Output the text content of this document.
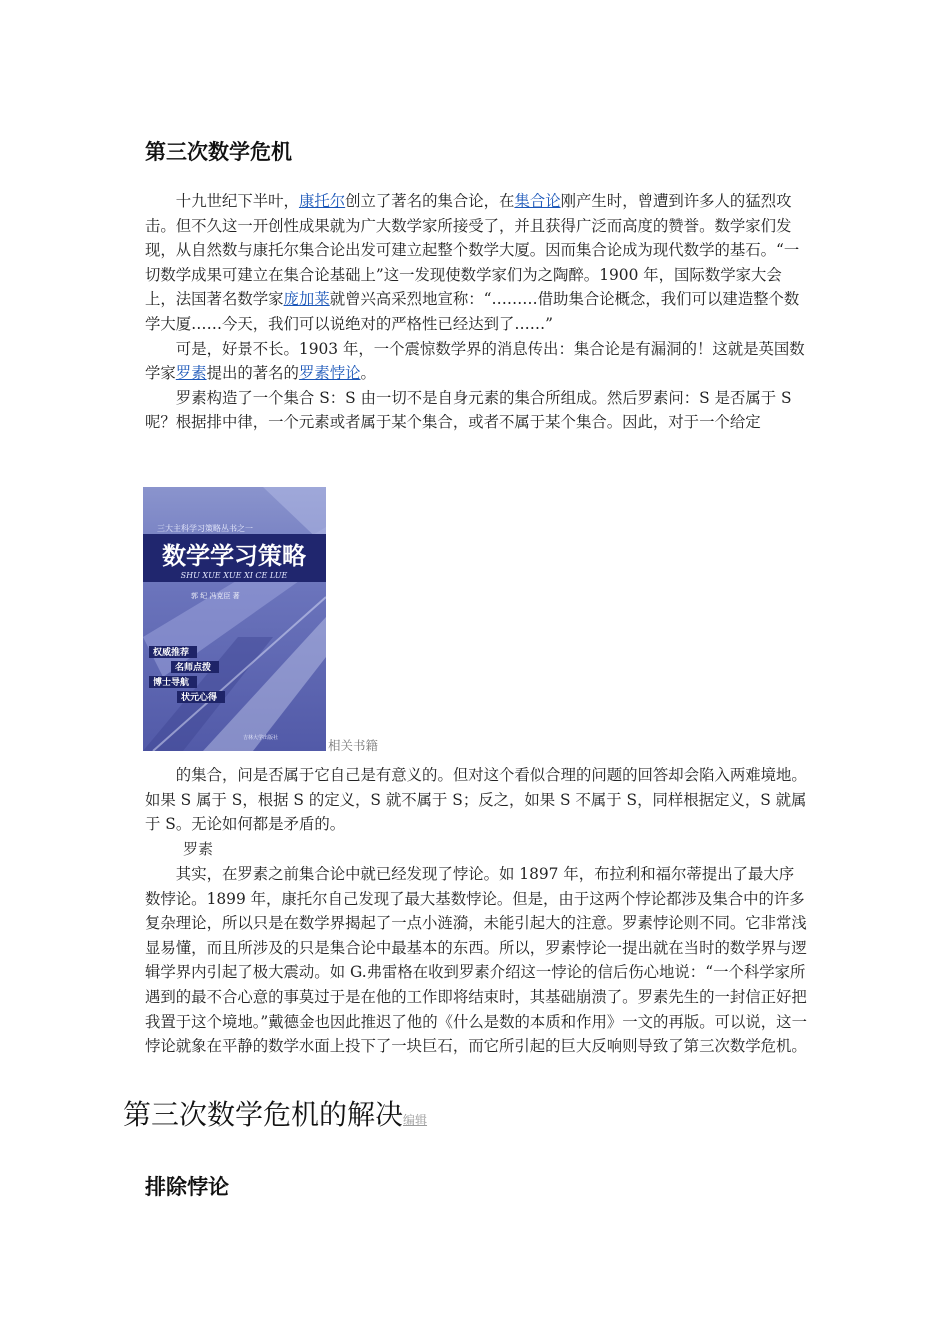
第三次数学危机

十九世纪下半叶，康托尔创立了著名的集合论，在集合论刚产生时，曾遭到许多人的猛烈攻击。但不久这一开创性成果就为广大数学家所接受了，并且获得广泛而高度的赞誉。数学家们发现，从自然数与康托尔集合论出发可建立起整个数学大厦。因而集合论成为现代数学的基石。“一切数学成果可建立在集合论基础上”这一发现使数学家们为之陶醉。1900 年，国际数学家大会上，法国著名数学家庞加莱就曾兴高采烈地宣称：“………借助集合论概念，我们可以建造整个数学大厦……今天，我们可以说绝对的严格性已经达到了……”

可是，好景不长。1903 年，一个震惊数学界的消息传出：集合论是有漏洞的！这就是英国数学家罗素提出的著名的罗素悖论。

罗素构造了一个集合 S：S 由一切不是自身元素的集合所组成。然后罗素问：S 是否属于 S 呢？根据排中律，一个元素或者属于某个集合，或者不属于某个集合。因此，对于一个给定

三大主科学习策略丛书之一
数学学习策略
SHU XUE XUE XI CE LUE
郭 纪 冯克臣 著
权威推荐
名师点拨
博士导航
状元心得
吉林大学出版社	相关书籍

的集合，问是否属于它自己是有意义的。但对这个看似合理的问题的回答却会陷入两难境地。如果 S 属于 S，根据 S 的定义，S 就不属于 S；反之，如果 S 不属于 S，同样根据定义，S 就属于 S。无论如何都是矛盾的。

罗素

其实，在罗素之前集合论中就已经发现了悖论。如 1897 年，布拉利和福尔蒂提出了最大序数悖论。1899 年，康托尔自己发现了最大基数悖论。但是，由于这两个悖论都涉及集合中的许多复杂理论，所以只是在数学界揭起了一点小涟漪，未能引起大的注意。罗素悖论则不同。它非常浅显易懂，而且所涉及的只是集合论中最基本的东西。所以，罗素悖论一提出就在当时的数学界与逻辑学界内引起了极大震动。如 G.弗雷格在收到罗素介绍这一悖论的信后伤心地说：“一个科学家所遇到的最不合心意的事莫过于是在他的工作即将结束时，其基础崩溃了。罗素先生的一封信正好把我置于这个境地。”戴德金也因此推迟了他的《什么是数的本质和作用》一文的再版。可以说，这一悖论就象在平静的数学水面上投下了一块巨石，而它所引起的巨大反响则导致了第三次数学危机。

第三次数学危机的解决编辑
排除悖论
